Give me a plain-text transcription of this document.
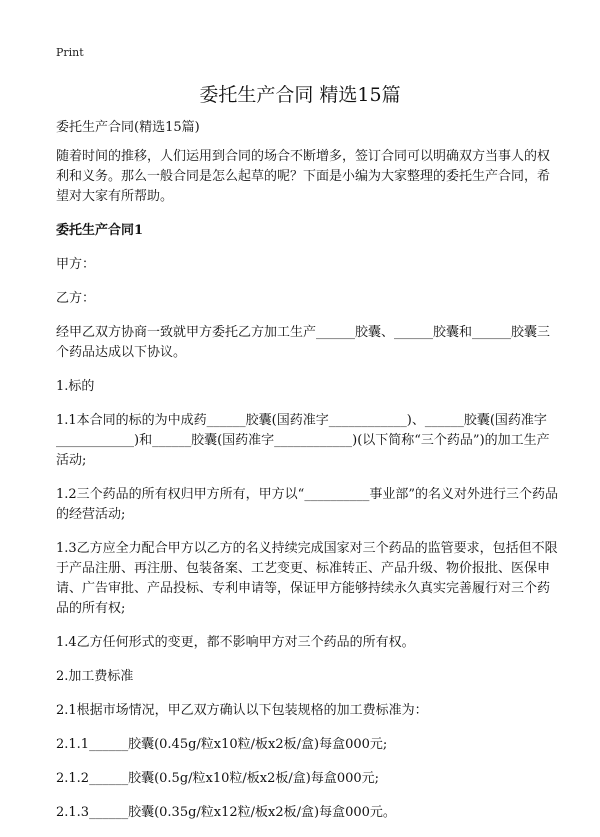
Print
委托生产合同 精选15篇

委托生产合同(精选15篇)

随着时间的推移，人们运用到合同的场合不断增多，签订合同可以明确双方当事人的权利和义务。那么一般合同是怎么起草的呢？下面是小编为大家整理的委托生产合同，希望对大家有所帮助。

委托生产合同1

甲方：

乙方：

经甲乙双方协商一致就甲方委托乙方加工生产______胶囊、______胶囊和______胶囊三个药品达成以下协议。

1.标的

1.1本合同的标的为中成药______胶囊(国药准字____________)、______胶囊(国药准字____________)和______胶囊(国药准字____________)(以下简称“三个药品”)的加工生产活动;

1.2三个药品的所有权归甲方所有，甲方以“__________事业部”的名义对外进行三个药品的经营活动;

1.3乙方应全力配合甲方以乙方的名义持续完成国家对三个药品的监管要求，包括但不限于产品注册、再注册、包装备案、工艺变更、标准转正、产品升级、物价报批、医保申请、广告审批、产品投标、专利申请等，保证甲方能够持续永久真实完善履行对三个药品的所有权;

1.4乙方任何形式的变更，都不影响甲方对三个药品的所有权。

2.加工费标准

2.1根据市场情况，甲乙双方确认以下包装规格的加工费标准为：

2.1.1______胶囊(0.45g/粒x10粒/板x2板/盒)每盒000元;

2.1.2______胶囊(0.5g/粒x10粒/板x2板/盒)每盒000元;

2.1.3______胶囊(0.35g/粒x12粒/板x2板/盒)每盒000元。
